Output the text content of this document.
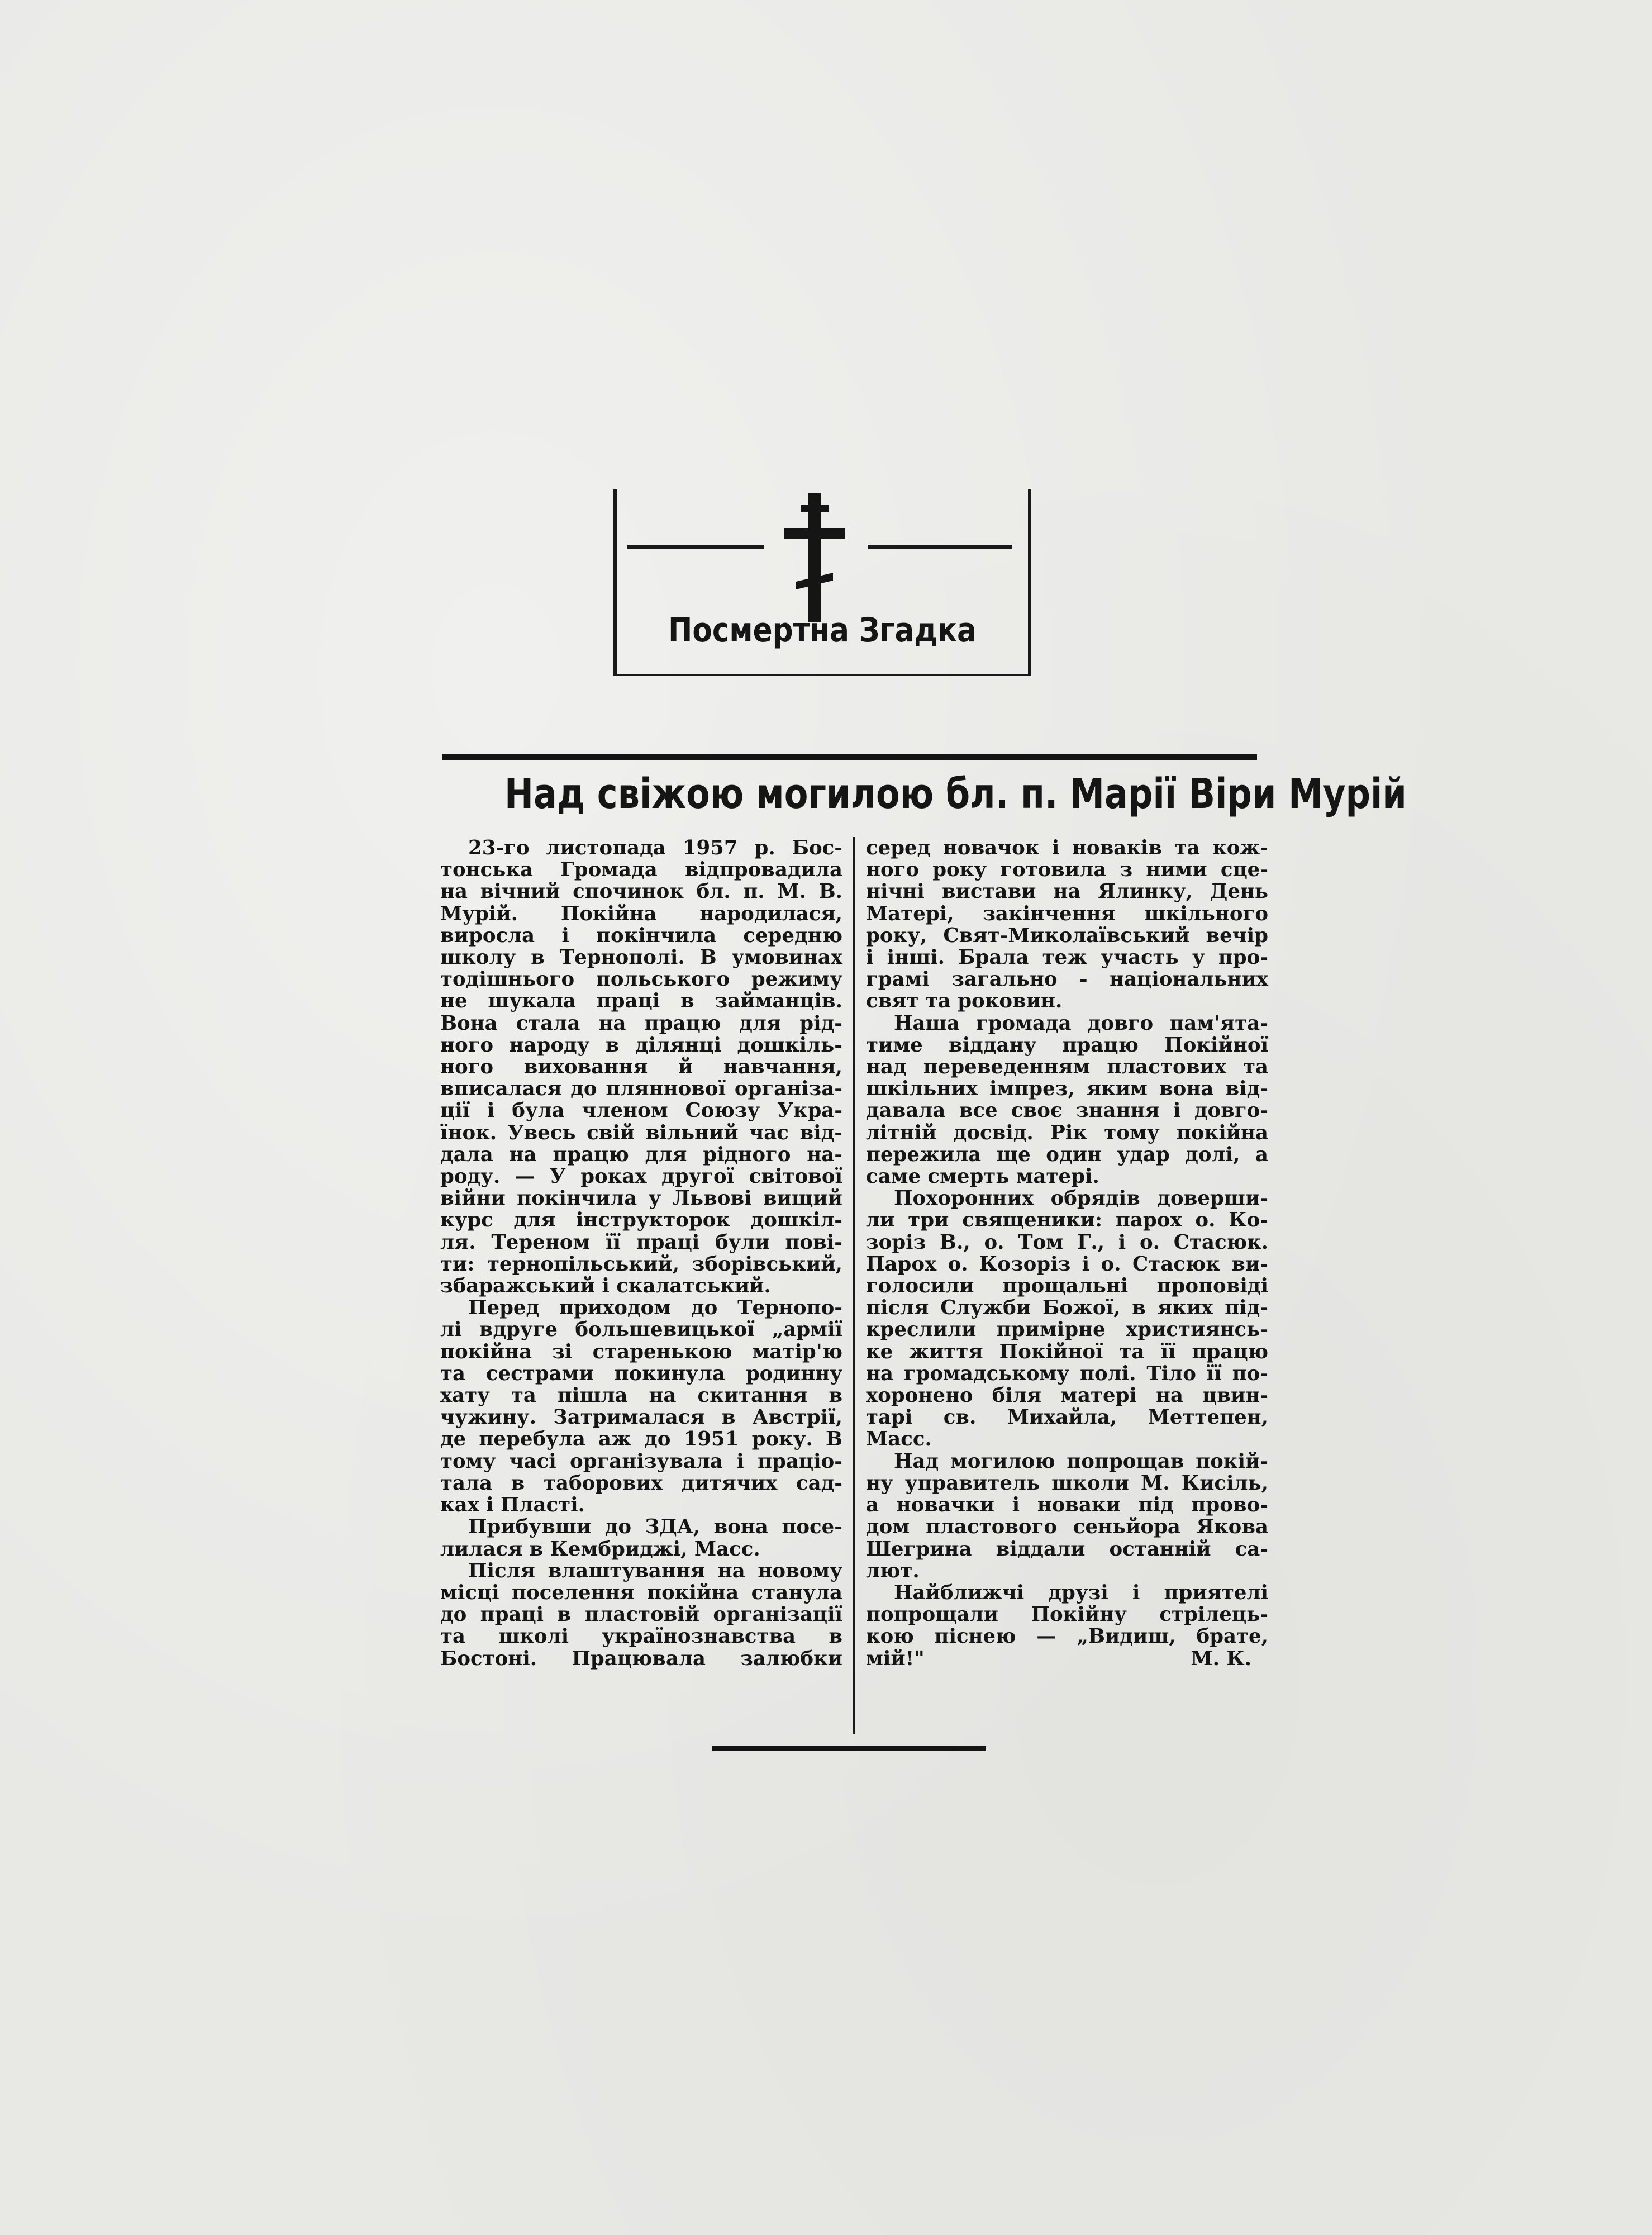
Посмертна Згадка
Над свіжою могилою бл. п. Марії Віри Мурій
23-го листопада 1957 р. Бос-
тонська Громада відпровадила
на вічний спочинок бл. п. М. В.
Мурій. Покійна народилася,
виросла і покінчила середню
школу в Тернополі. В умовинах
тодішнього польського режиму
не шукала праці в займанців.
Вона стала на працю для рід-
ного народу в ділянці дошкіль-
ного виховання й навчання,
вписалася до пляннової організа-
ції і була членом Союзу Укра-
їнок. Увесь свій вільний час від-
дала на працю для рідного на-
роду. — У роках другої світової
війни покінчила у Львові вищий
курс для інструкторок дошкіл-
ля. Тереном її праці були пові-
ти: тернопільський, зборівський,
збаражський і скалатський.
Перед приходом до Тернопо-
лі вдруге большевицької „армії
покійна зі старенькою матір'ю
та сестрами покинула родинну
хату та пішла на скитання в
чужину. Затрималася в Австрії,
де перебула аж до 1951 року. В
тому часі організувала і праціо-
тала в таборових дитячих сад-
ках і Пласті.
Прибувши до ЗДА, вона посе-
лилася в Кембриджі, Масс.
Після влаштування на новому
місці поселення покійна станула
до праці в пластовій організації
та школі українознавства в
Бостоні. Працювала залюбки
серед новачок і новаків та кож-
ного року готовила з ними сце-
нічні вистави на Ялинку, День
Матері, закінчення шкільного
року, Свят-Миколаївський вечір
і інші. Брала теж участь у про-
грамі загально - національних
свят та роковин.
Наша громада довго пам'ята-
тиме віддану працю Покійної
над переведенням пластових та
шкільних імпрез, яким вона від-
давала все своє знання і довго-
літній досвід. Рік тому покійна
пережила ще один удар долі, а
саме смерть матері.
Похоронних обрядів доверши-
ли три священики: парох о. Ко-
зоріз В., о. Том Г., і о. Стасюк.
Парох о. Козоріз і о. Стасюк ви-
голосили прощальні проповіді
після Служби Божої, в яких під-
креслили примірне християнсь-
ке життя Покійної та її працю
на громадському полі. Тіло її по-
хоронено біля матері на цвин-
тарі св. Михайла, Меттепен,
Масс.
Над могилою попрощав покій-
ну управитель школи М. Кисіль,
а новачки і новаки під прово-
дом пластового сеньйора Якова
Шегрина віддали останній са-
лют.
Найближчі друзі і приятелі
попрощали Покійну стрілець-
кою піснею — „Видиш, брате,
мій!"	М. К.
